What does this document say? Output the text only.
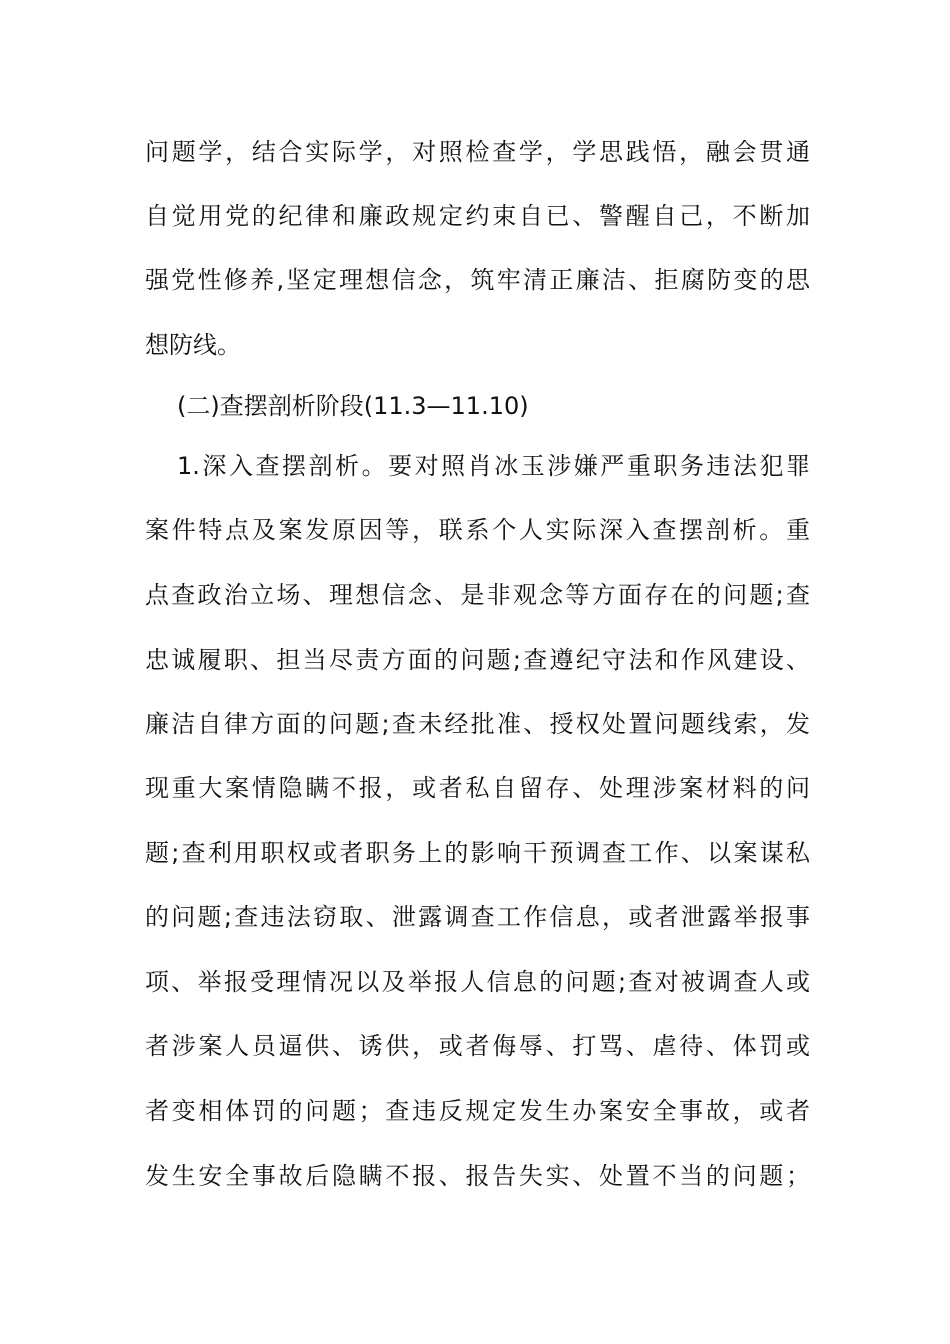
问题学，结合实际学，对照检查学，学思践悟，融会贯通
自觉用党的纪律和廉政规定约束自已、警醒自己，不断加
强党性修养,坚定理想信念，筑牢清正廉洁、拒腐防变的思
想防线。
(二)查摆剖析阶段(11.3—11.10)
1.深入查摆剖析。要对照肖冰玉涉嫌严重职务违法犯罪
案件特点及案发原因等，联系个人实际深入查摆剖析。重
点查政治立场、理想信念、是非观念等方面存在的问题;查
忠诚履职、担当尽责方面的问题;查遵纪守法和作风建设、
廉洁自律方面的问题;查未经批准、授权处置问题线索，发
现重大案情隐瞒不报，或者私自留存、处理涉案材料的问
题;查利用职权或者职务上的影响干预调查工作、以案谋私
的问题;查违法窃取、泄露调查工作信息，或者泄露举报事
项、举报受理情况以及举报人信息的问题;查对被调查人或
者涉案人员逼供、诱供，或者侮辱、打骂、虐待、体罚或
者变相体罚的问题；查违反规定发生办案安全事故，或者
发生安全事故后隐瞒不报、报告失实、处置不当的问题；
